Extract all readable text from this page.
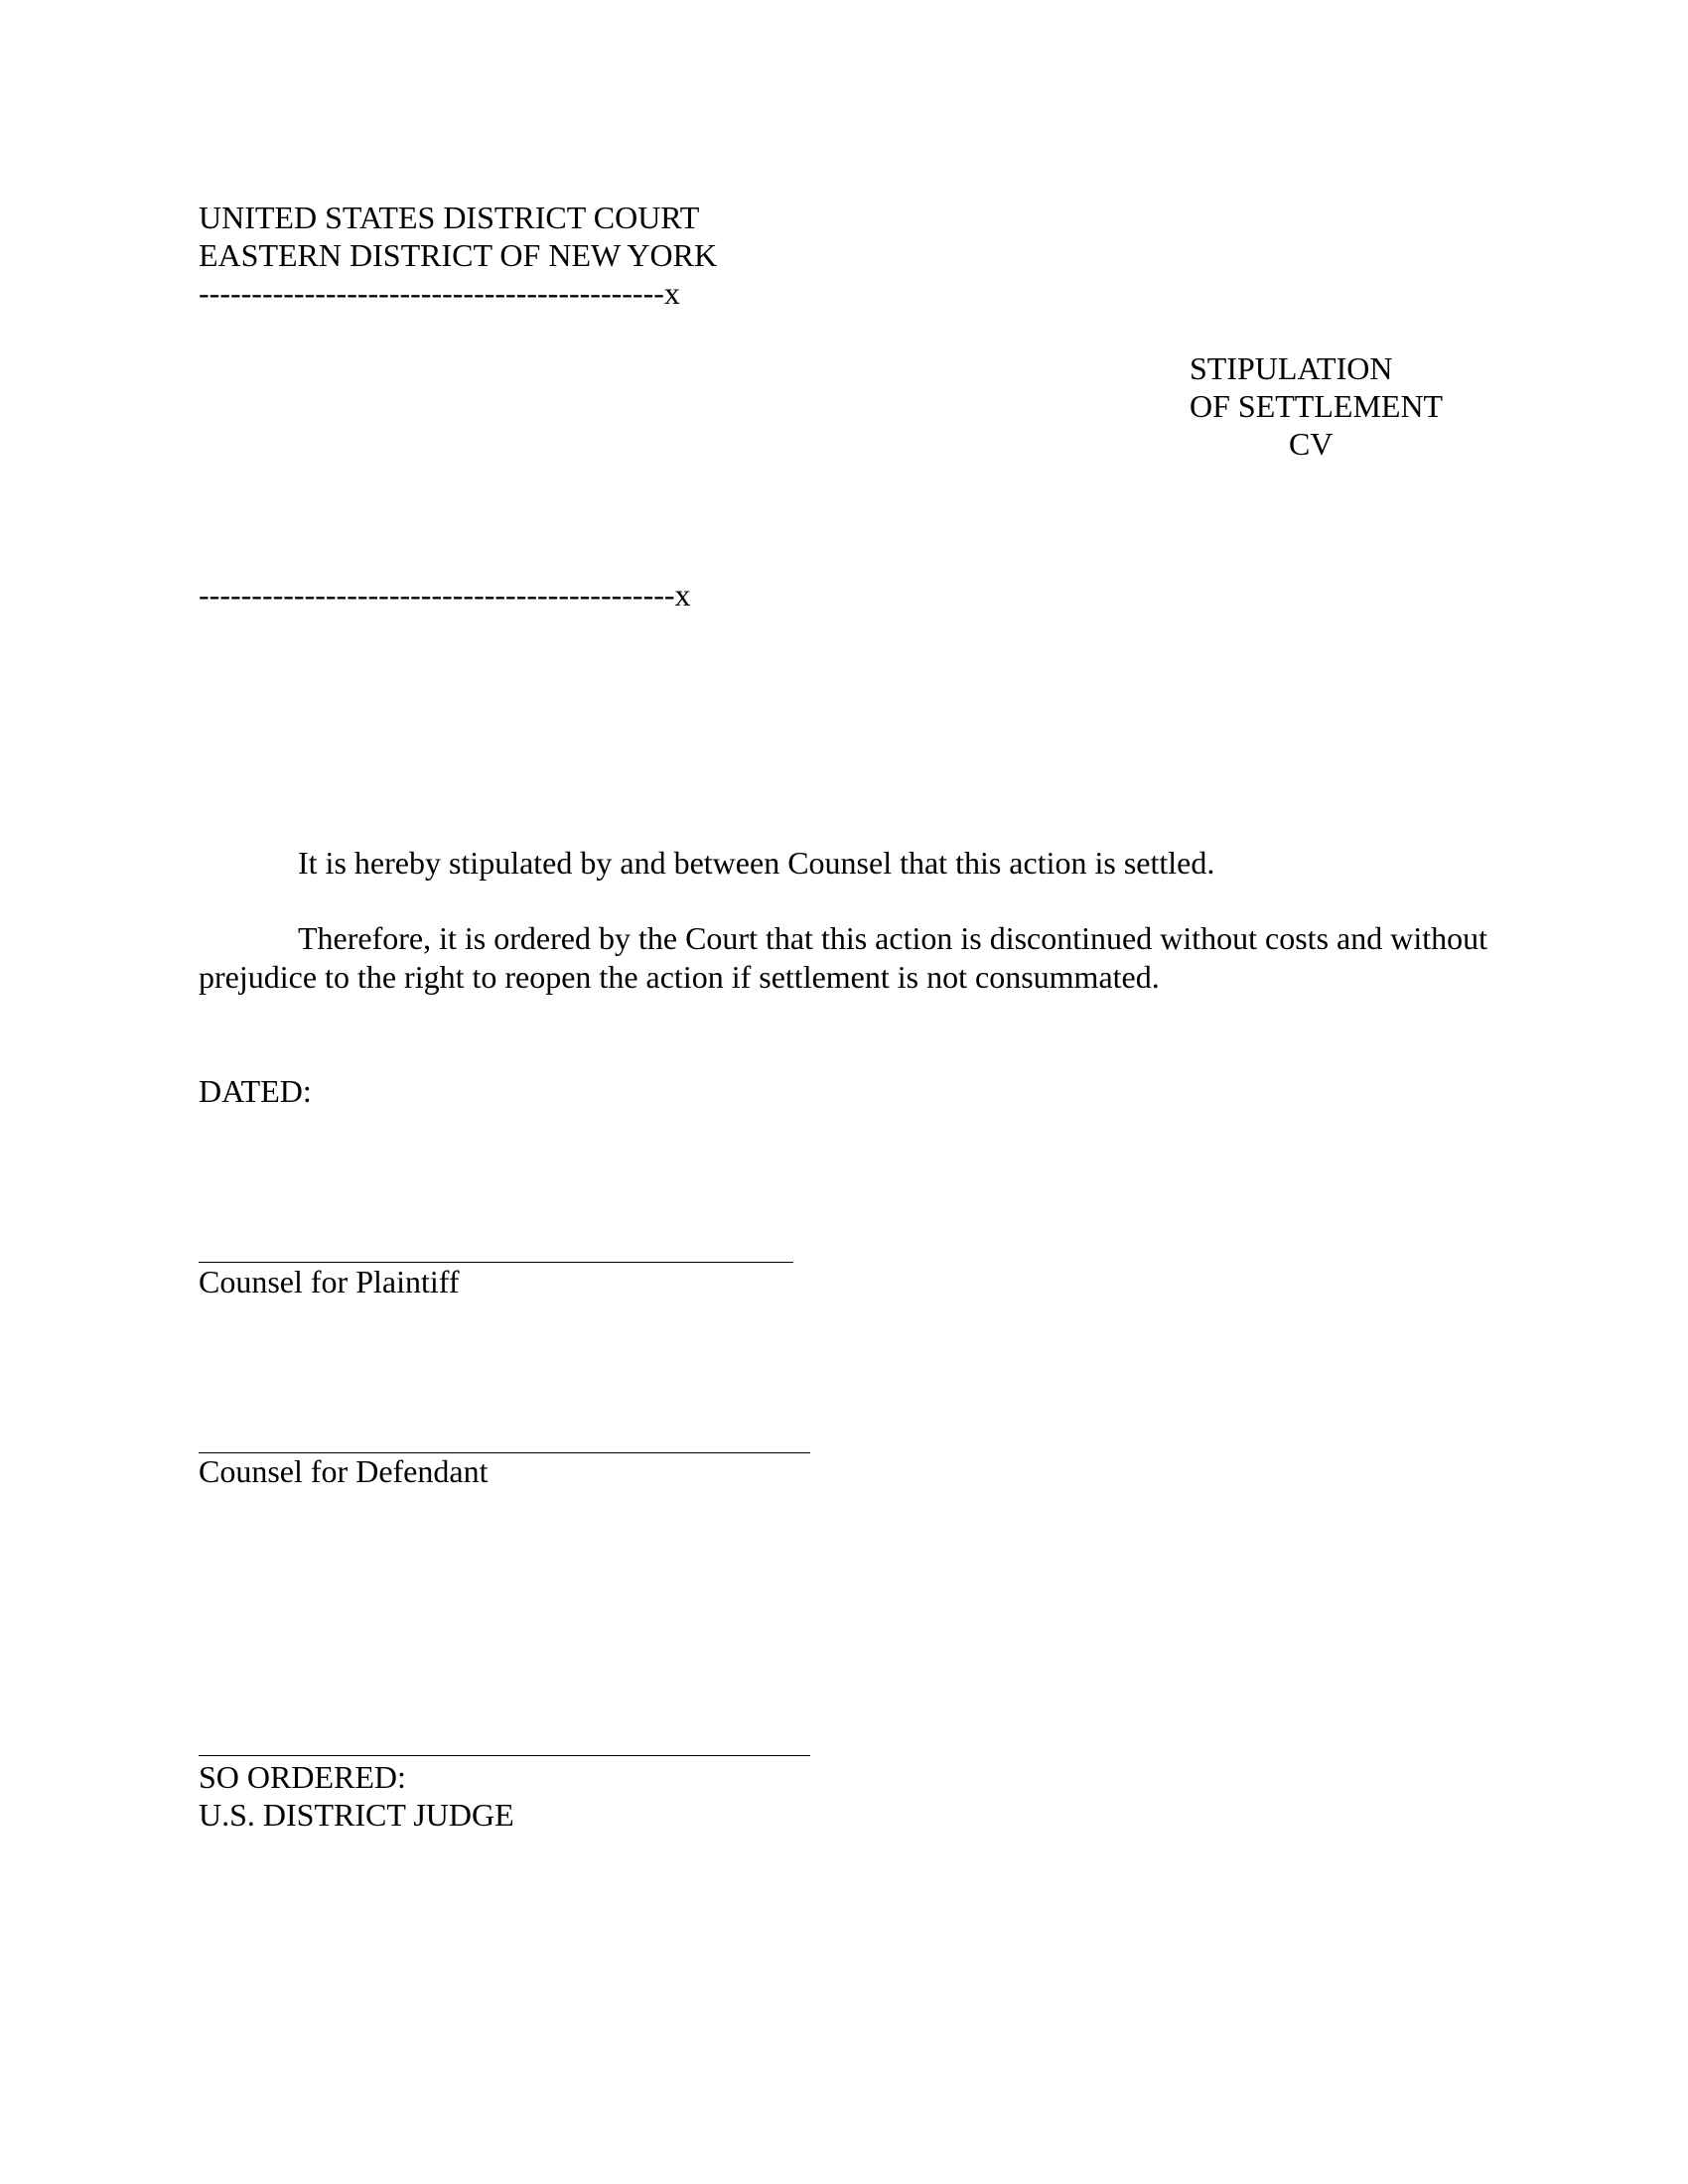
UNITED STATES DISTRICT COURT

EASTERN DISTRICT OF NEW YORK

--------------------------------------------x

STIPULATION

OF SETTLEMENT

CV

---------------------------------------------x

It is hereby stipulated by and between Counsel that this action is settled.

Therefore, it is ordered by the Court that this action is discontinued without costs and without prejudice to the right to reopen the action if settlement is not consummated.

DATED:

Counsel for Plaintiff

Counsel for Defendant

SO ORDERED:

U.S. DISTRICT JUDGE
